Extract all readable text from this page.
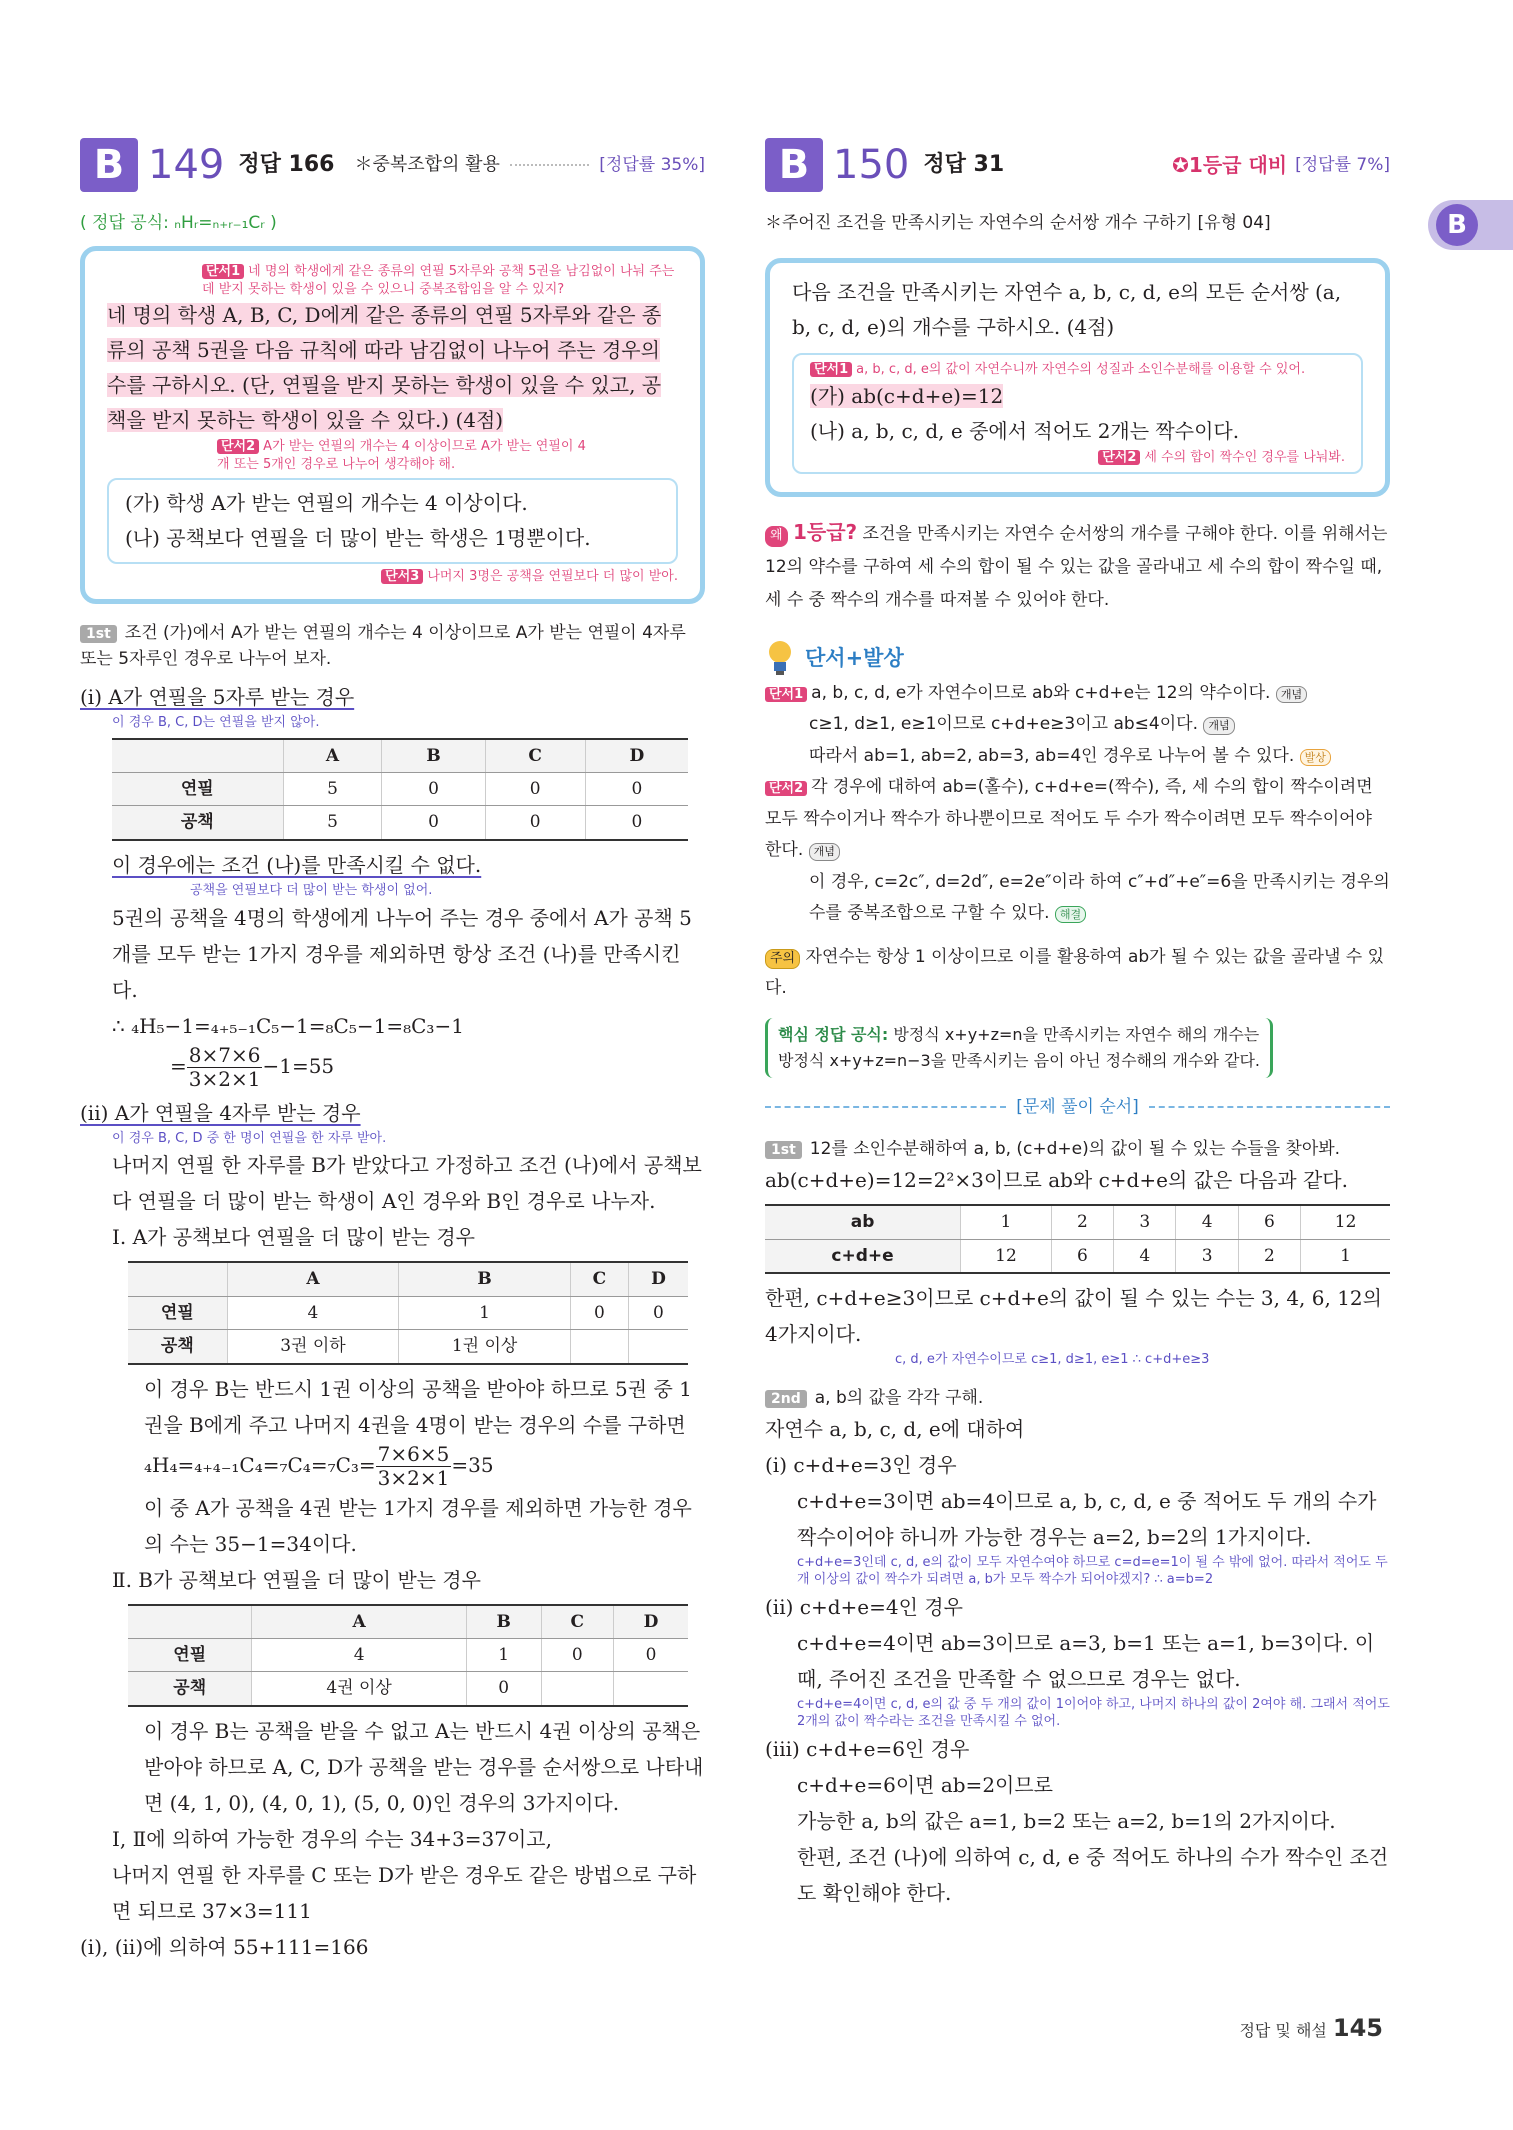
B
B 149 정답 166 ＊중복조합의 활용	[정답률 35%]
( 정답 공식: ₙHᵣ=ₙ₊ᵣ₋₁Cᵣ )
단서1 네 명의 학생에게 같은 종류의 연필 5자루와 공책 5권을 남김없이 나눠 주는데 받지 못하는 학생이 있을 수 있으니 중복조합임을 알 수 있지?
네 명의 학생 A, B, C, D에게 같은 종류의 연필 5자루와 같은 종류의 공책 5권을 다음 규칙에 따라 남김없이 나누어 주는 경우의 수를 구하시오. (단, 연필을 받지 못하는 학생이 있을 수 있고, 공책을 받지 못하는 학생이 있을 수 있다.) (4점)
단서2 A가 받는 연필의 개수는 4 이상이므로 A가 받는 연필이 4개 또는 5개인 경우로 나누어 생각해야 해.
(가) 학생 A가 받는 연필의 개수는 4 이상이다.
(나) 공책보다 연필을 더 많이 받는 학생은 1명뿐이다.
단서3 나머지 3명은 공책을 연필보다 더 많이 받아.
1st 조건 (가)에서 A가 받는 연필의 개수는 4 이상이므로 A가 받는 연필이 4자루 또는 5자루인 경우로 나누어 보자.
(i) A가 연필을 5자루 받는 경우
이 경우 B, C, D는 연필을 받지 않아.
	A	B	C	D
연필	5	0	0	0
공책	5	0	0	0
이 경우에는 조건 (나)를 만족시킬 수 없다.
공책을 연필보다 더 많이 받는 학생이 없어.
5권의 공책을 4명의 학생에게 나누어 주는 경우 중에서 A가 공책 5개를 모두 받는 1가지 경우를 제외하면 항상 조건 (나)를 만족시킨다.
∴ ₄H₅−1=₄₊₅₋₁C₅−1=₈C₅−1=₈C₃−1
= $\frac{8\times 7\times 6}{3\times 2\times 1} -1=55$
(ii) A가 연필을 4자루 받는 경우
이 경우 B, C, D 중 한 명이 연필을 한 자루 받아.
나머지 연필 한 자루를 B가 받았다고 가정하고 조건 (나)에서 공책보다 연필을 더 많이 받는 학생이 A인 경우와 B인 경우로 나누자.
Ⅰ. A가 공책보다 연필을 더 많이 받는 경우
	A	B	C	D
연필	4	1	0	0
공책	3권 이하	1권 이상		
이 경우 B는 반드시 1권 이상의 공책을 받아야 하므로 5권 중 1권을 B에게 주고 나머지 4권을 4명이 받는 경우의 수를 구하면
$_4H_4=_{4+4-1}C_4=_7C_4=_7C_3= \frac{7\times 6\times 5}{3\times 2\times 1} =35$
이 중 A가 공책을 4권 받는 1가지 경우를 제외하면 가능한 경우의 수는 35−1=34이다.
Ⅱ. B가 공책보다 연필을 더 많이 받는 경우
	A	B	C	D
연필	4	1	0	0
공책	4권 이상	0		
이 경우 B는 공책을 받을 수 없고 A는 반드시 4권 이상의 공책은 받아야 하므로 A, C, D가 공책을 받는 경우를 순서쌍으로 나타내면 (4, 1, 0), (4, 0, 1), (5, 0, 0)인 경우의 3가지이다.
Ⅰ, Ⅱ에 의하여 가능한 경우의 수는 34+3=37이고,
나머지 연필 한 자루를 C 또는 D가 받은 경우도 같은 방법으로 구하면 되므로 37×3=111
(i), (ii)에 의하여 55+111=166
B 150 정답 31	✪1등급 대비 [정답률 7%]
＊주어진 조건을 만족시키는 자연수의 순서쌍 개수 구하기 [유형 04]
다음 조건을 만족시키는 자연수 a, b, c, d, e의 모든 순서쌍 (a, b, c, d, e)의 개수를 구하시오. (4점)
단서1 a, b, c, d, e의 값이 자연수니까 자연수의 성질과 소인수분해를 이용할 수 있어.
(가) ab(c+d+e)=12
(나) a, b, c, d, e 중에서 적어도 2개는 짝수이다.
단서2 세 수의 합이 짝수인 경우를 나눠봐.
왜 1등급? 조건을 만족시키는 자연수 순서쌍의 개수를 구해야 한다. 이를 위해서는 12의 약수를 구하여 세 수의 합이 될 수 있는 값을 골라내고 세 수의 합이 짝수일 때, 세 수 중 짝수의 개수를 따져볼 수 있어야 한다.
단서+발상
단서1 a, b, c, d, e가 자연수이므로 ab와 c+d+e는 12의 약수이다. 개념
c≥1, d≥1, e≥1이므로 c+d+e≥3이고 ab≤4이다. 개념
따라서 ab=1, ab=2, ab=3, ab=4인 경우로 나누어 볼 수 있다. 발상
단서2 각 경우에 대하여 ab=(홀수), c+d+e=(짝수), 즉, 세 수의 합이 짝수이려면 모두 짝수이거나 짝수가 하나뿐이므로 적어도 두 수가 짝수이려면 모두 짝수이어야 한다. 개념
이 경우, c=2c″, d=2d″, e=2e″이라 하여 c″+d″+e″=6을 만족시키는 경우의 수를 중복조합으로 구할 수 있다. 해결
주의 자연수는 항상 1 이상이므로 이를 활용하여 ab가 될 수 있는 값을 골라낼 수 있다.
핵심 정답 공식: 방정식 x+y+z=n을 만족시키는 자연수 해의 개수는
방정식 x+y+z=n−3을 만족시키는 음이 아닌 정수해의 개수와 같다.
[문제 풀이 순서]
1st 12를 소인수분해하여 a, b, (c+d+e)의 값이 될 수 있는 수들을 찾아봐.
ab(c+d+e)=12=2²×3이므로 ab와 c+d+e의 값은 다음과 같다.
ab	1	2	3	4	6	12
c+d+e	12	6	4	3	2	1
한편, c+d+e≥3이므로 c+d+e의 값이 될 수 있는 수는 3, 4, 6, 12의 4가지이다.
c, d, e가 자연수이므로 c≥1, d≥1, e≥1 ∴ c+d+e≥3
2nd a, b의 값을 각각 구해.
자연수 a, b, c, d, e에 대하여
(i) c+d+e=3인 경우
c+d+e=3이면 ab=4이므로 a, b, c, d, e 중 적어도 두 개의 수가 짝수이어야 하니까 가능한 경우는 a=2, b=2의 1가지이다.
c+d+e=3인데 c, d, e의 값이 모두 자연수여야 하므로 c=d=e=1이 될 수 밖에 없어. 따라서 적어도 두 개 이상의 값이 짝수가 되려면 a, b가 모두 짝수가 되어야겠지? ∴ a=b=2
(ii) c+d+e=4인 경우
c+d+e=4이면 ab=3이므로 a=3, b=1 또는 a=1, b=3이다. 이때, 주어진 조건을 만족할 수 없으므로 경우는 없다.
c+d+e=4이면 c, d, e의 값 중 두 개의 값이 1이어야 하고, 나머지 하나의 값이 2여야 해. 그래서 적어도 2개의 값이 짝수라는 조건을 만족시킬 수 없어.
(iii) c+d+e=6인 경우
c+d+e=6이면 ab=2이므로
가능한 a, b의 값은 a=1, b=2 또는 a=2, b=1의 2가지이다.
한편, 조건 (나)에 의하여 c, d, e 중 적어도 하나의 수가 짝수인 조건도 확인해야 한다.
정답 및 해설 145
